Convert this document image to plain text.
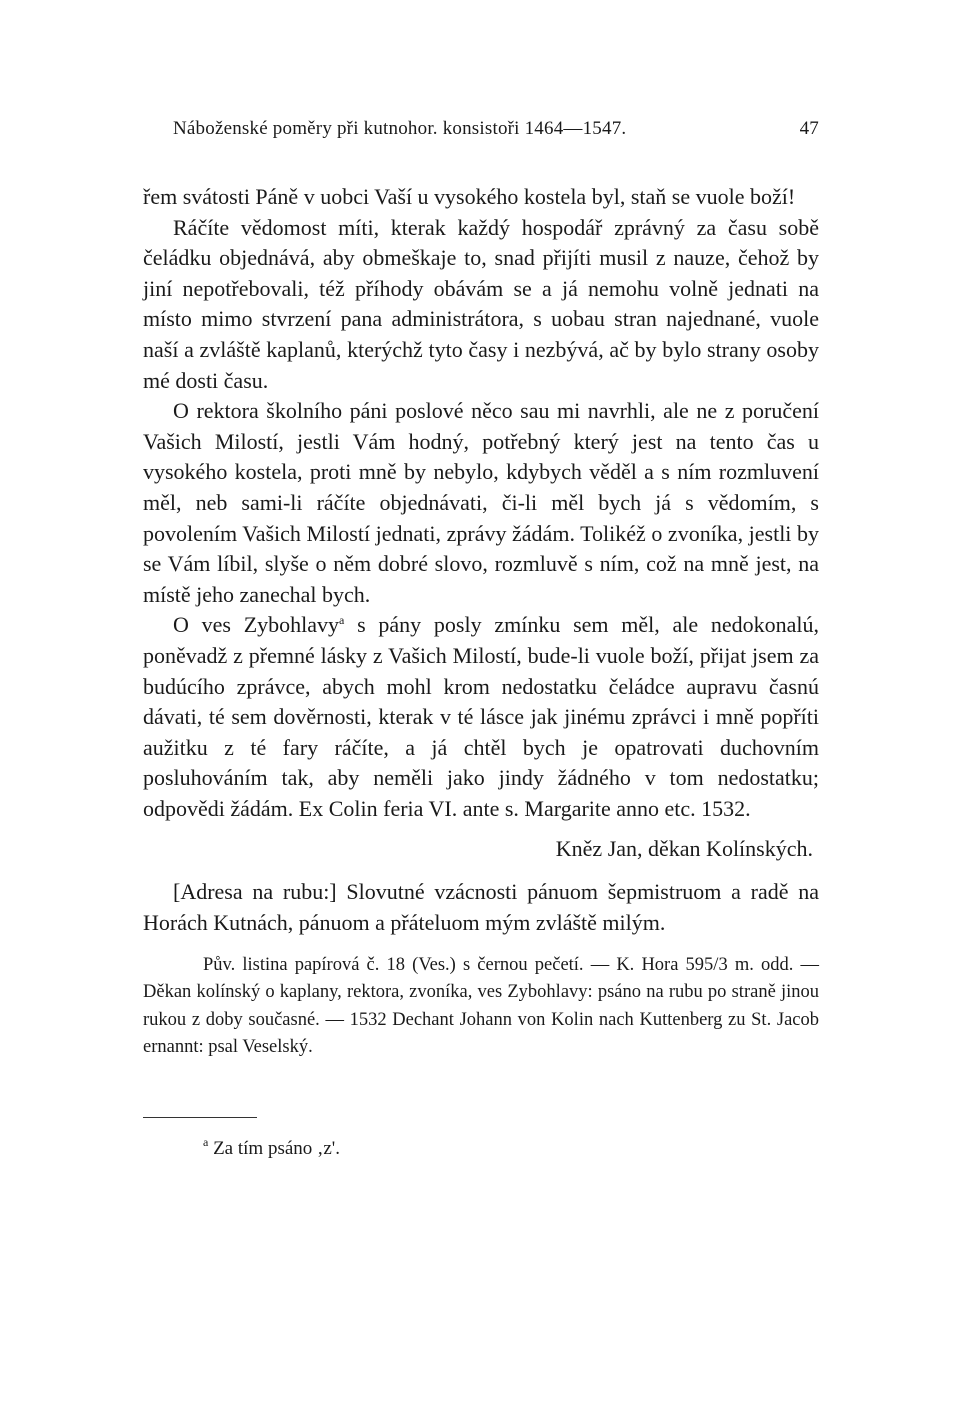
Náboženské poměry při kutnohor. konsistoři 1464—1547.	47

řem svátosti Páně v uobci Vaší u vysokého kostela byl, staň se vuole boží!

Ráčíte vědomost míti, kterak každý hospodář zprávný za času sobě čeládku objednává, aby obmeškaje to, snad přijíti musil z nauze, čehož by jiní nepotřebovali, též příhody obávám se a já nemohu volně jednati na místo mimo stvrzení pana administrátora, s uobau stran najednané, vuole naší a zvláště kaplanů, kterýchž tyto časy i nezbývá, ač by bylo strany osoby mé dosti času.

O rektora školního páni poslové něco sau mi navrhli, ale ne z poručení Vašich Milostí, jestli Vám hodný, potřebný který jest na tento čas u vysokého kostela, proti mně by nebylo, kdybych věděl a s ním rozmluvení měl, neb sami-li ráčíte objednávati, či-li měl bych já s vědomím, s povolením Vašich Milostí jednati, zprávy žádám. Tolikéž o zvoníka, jestli by se Vám líbil, slyše o něm dobré slovo, rozmluvě s ním, což na mně jest, na místě jeho zanechal bych.

O ves Zybohlavy$^a$ s pány posly zmínku sem měl, ale nedokonalú, poněvadž z přemné lásky z Vašich Milostí, bude-li vuole boží, přijat jsem za budúcího zprávce, abych mohl krom nedostatku čeládce aupravu časnú dávati, té sem dověrnosti, kterak v té lásce jak jinému zprávci i mně popříti aužitku z té fary ráčíte, a já chtěl bych je opatrovati duchovním posluhováním tak, aby neměli jako jindy žádného v tom nedostatku; odpovědi žádám. Ex Colin feria VI. ante s. Margarite anno etc. 1532.

Kněz Jan, děkan Kolínských.
[Adresa na rubu:] Slovutné vzácnosti pánuom šepmistruom a radě na Horách Kutnách, pánuom a přáteluom mým zvláště milým.
Pův. listina papírová č. 18 (Ves.) s černou pečetí. — K. Hora 595/3 m. odd. — Děkan kolínský o kaplany, rektora, zvoníka, ves Zybohlavy: psáno na rubu po straně jinou rukou z doby současné. — 1532 Dechant Johann von Kolin nach Kuttenberg zu St. Jacob ernannt: psal Veselský.
$^a$ Za tím psáno ‚z'.
